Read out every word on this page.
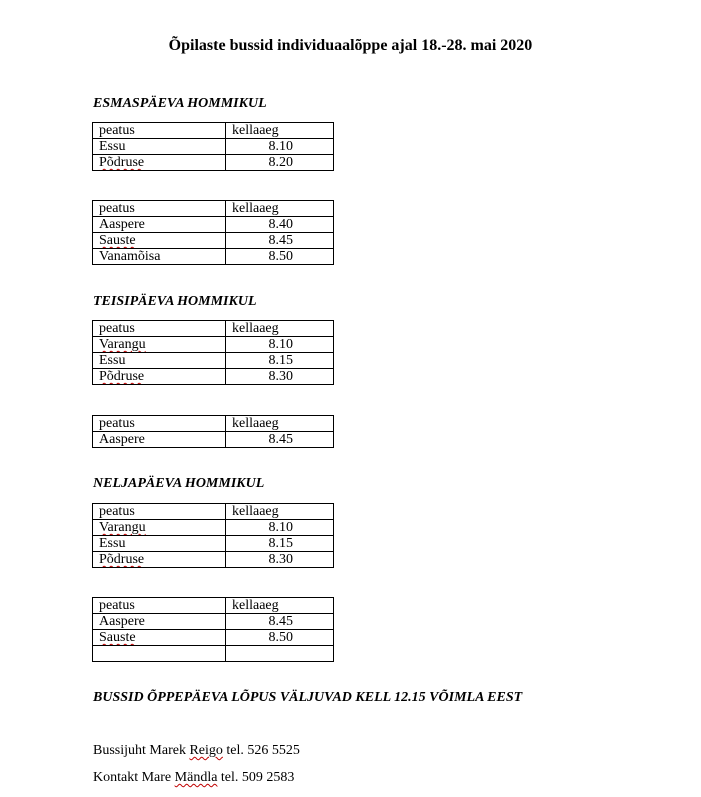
Õpilaste bussid individuaalõppe ajal 18.-28. mai 2020
ESMASPÄEVA HOMMIKUL
peatus	kellaaeg
Essu	8.10
Põdruse	8.20
peatus	kellaaeg
Aaspere	8.40
Sauste	8.45
Vanamõisa	8.50
TEISIPÄEVA HOMMIKUL
peatus	kellaaeg
Varangu	8.10
Essu	8.15
Põdruse	8.30
peatus	kellaaeg
Aaspere	8.45
NELJAPÄEVA HOMMIKUL
peatus	kellaaeg
Varangu	8.10
Essu	8.15
Põdruse	8.30
peatus	kellaaeg
Aaspere	8.45
Sauste	8.50

BUSSID ÕPPEPÄEVA LÕPUS VÄLJUVAD KELL 12.15 VÕIMLA EEST
Bussijuht Marek Reigo tel. 526 5525
Kontakt Mare Mändla tel. 509 2583
